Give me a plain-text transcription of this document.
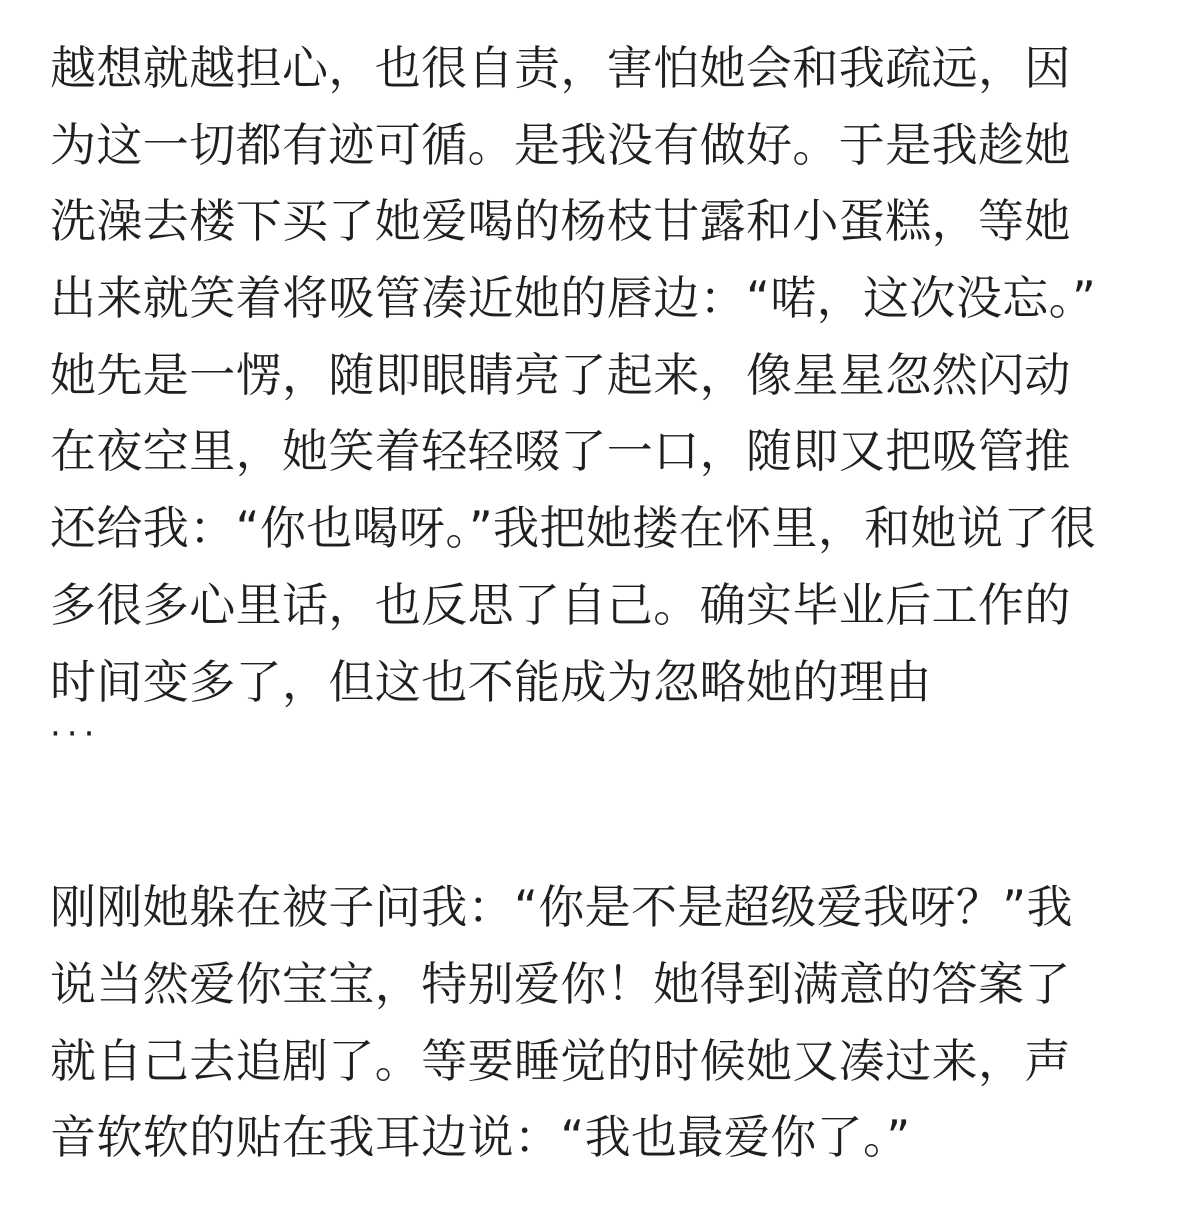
越想就越担心，也很自责，害怕她会和我疏远，因
为这一切都有迹可循。是我没有做好。于是我趁她
洗澡去楼下买了她爱喝的杨枝甘露和小蛋糕，等她
出来就笑着将吸管凑近她的唇边：“喏，这次没忘。”
她先是一愣，随即眼睛亮了起来，像星星忽然闪动
在夜空里，她笑着轻轻啜了一口，随即又把吸管推
还给我：“你也喝呀。”我把她搂在怀里，和她说了很
多很多心里话，也反思了自己。确实毕业后工作的
时间变多了，但这也不能成为忽略她的理由
···
刚刚她躲在被子问我：“你是不是超级爱我呀？”我
说当然爱你宝宝，特别爱你！她得到满意的答案了
就自己去追剧了。等要睡觉的时候她又凑过来，声
音软软的贴在我耳边说：“我也最爱你了。”
